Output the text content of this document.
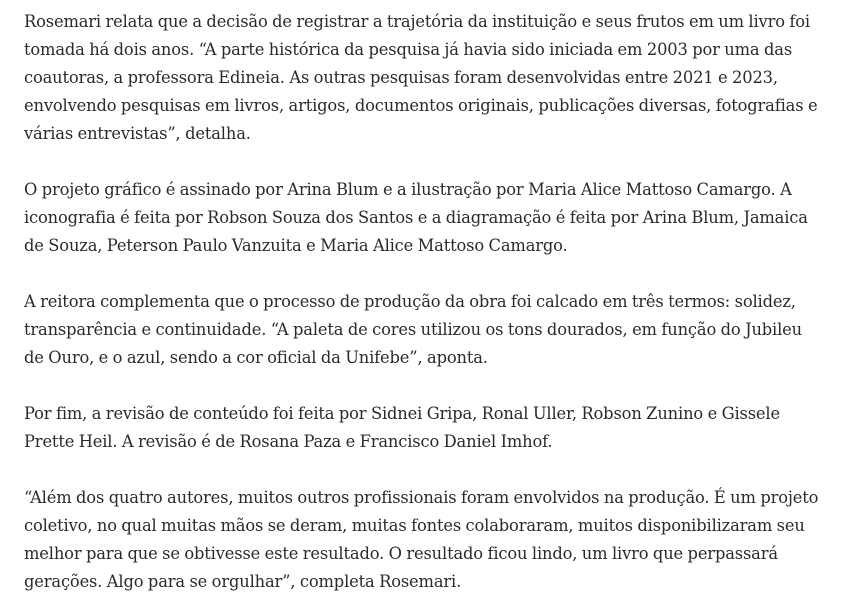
Rosemari relata que a decisão de registrar a trajetória da instituição e seus frutos em um livro foi tomada há dois anos. “A parte histórica da pesquisa já havia sido iniciada em 2003 por uma das coautoras, a professora Edineia. As outras pesquisas foram desenvolvidas entre 2021 e 2023, envolvendo pesquisas em livros, artigos, documentos originais, publicações diversas, fotografias e várias entrevistas”, detalha.

O projeto gráfico é assinado por Arina Blum e a ilustração por Maria Alice Mattoso Camargo. A iconografia é feita por Robson Souza dos Santos e a diagramação é feita por Arina Blum, Jamaica de Souza, Peterson Paulo Vanzuita e Maria Alice Mattoso Camargo.

A reitora complementa que o processo de produção da obra foi calcado em três termos: solidez, transparência e continuidade. “A paleta de cores utilizou os tons dourados, em função do Jubileu de Ouro, e o azul, sendo a cor oficial da Unifebe”, aponta.

Por fim, a revisão de conteúdo foi feita por Sidnei Gripa, Ronal Uller, Robson Zunino e Gissele Prette Heil. A revisão é de Rosana Paza e Francisco Daniel Imhof.

“Além dos quatro autores, muitos outros profissionais foram envolvidos na produção. É um projeto coletivo, no qual muitas mãos se deram, muitas fontes colaboraram, muitos disponibilizaram seu melhor para que se obtivesse este resultado. O resultado ficou lindo, um livro que perpassará gerações. Algo para se orgulhar”, completa Rosemari.
